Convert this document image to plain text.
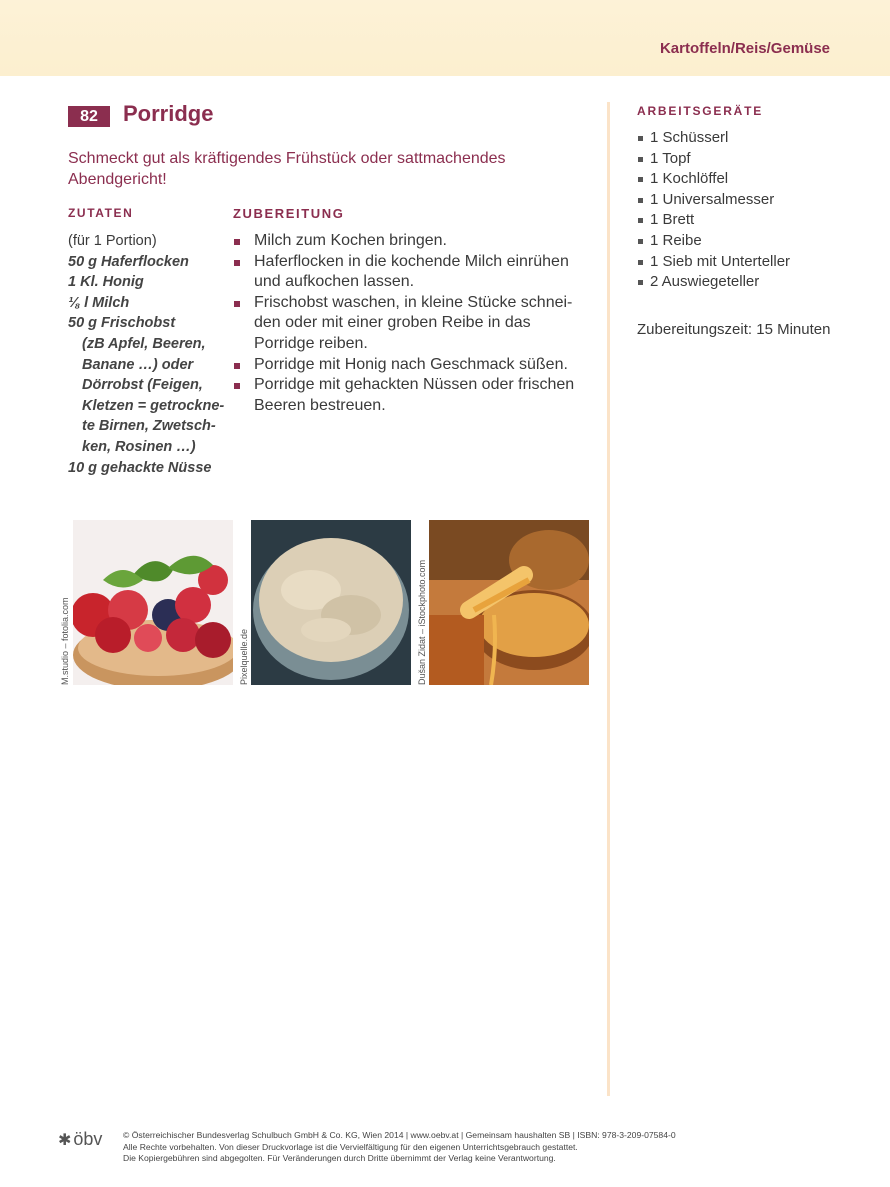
Kartoffeln/Reis/Gemüse
82	Porridge

Schmeckt gut als kräftigendes Frühstück oder sattmachendes Abendgericht!

ZUTATEN	ZUBEREITUNG
(für 1 Portion)
50 g Haferflocken
1 Kl. Honig
⅛ l Milch
50 g Frischobst
(zB Apfel, Beeren,
Banane …) oder
Dörrobst (Feigen,
Kletzen = getrockne-
te Birnen, Zwetsch-
ken, Rosinen …)
10 g gehackte Nüsse
Milch zum Kochen bringen.
Haferflocken in die kochende Milch einrühen und aufkochen lassen.
Frischobst waschen, in kleine Stücke schnei-den oder mit einer groben Reibe in das Porridge reiben.
Porridge mit Honig nach Geschmack süßen.
Porridge mit gehackten Nüssen oder frischen Beeren bestreuen.
ARBEITSGERÄTE
1 Schüsserl
1 Topf
1 Kochlöffel
1 Universalmesser
1 Brett
1 Reibe
1 Sieb mit Unterteller
2 Auswiegeteller
Zubereitungszeit: 15 Minuten
M.studio – fotolia.com	Pixelquelle.de	Dušan Zidat – iStockphoto.com
✱ öbv © Österreichischer Bundesverlag Schulbuch GmbH & Co. KG, Wien 2014 | www.oebv.at | Gemeinsam haushalten SB | ISBN: 978-3-209-07584-0
Alle Rechte vorbehalten. Von dieser Druckvorlage ist die Vervielfältigung für den eigenen Unterrichtsgebrauch gestattet.
Die Kopiergebühren sind abgegolten. Für Veränderungen durch Dritte übernimmt der Verlag keine Verantwortung.
